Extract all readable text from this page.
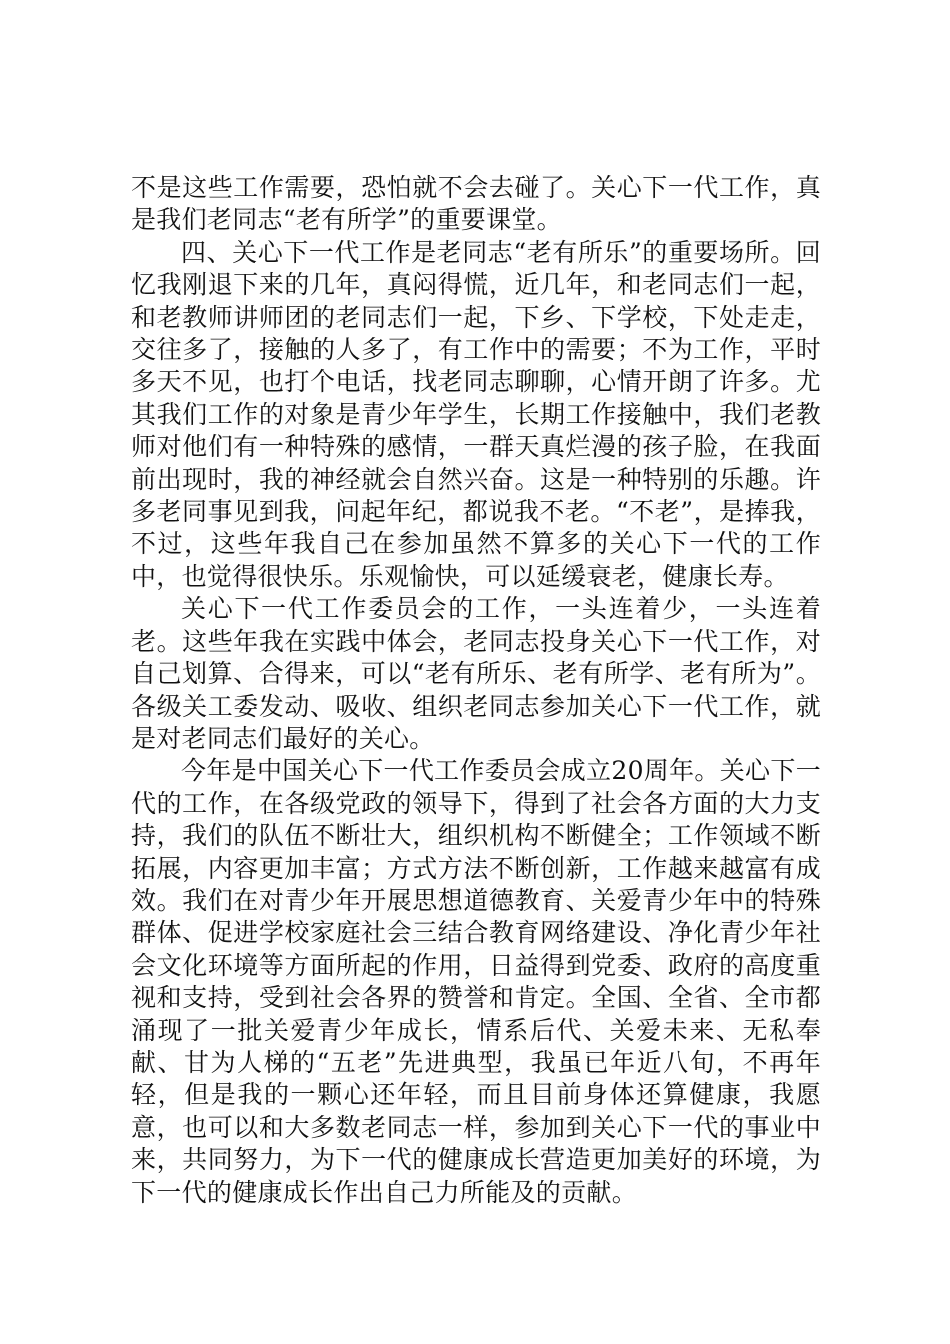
不是这些工作需要，恐怕就不会去碰了。关心下一代工作，真是我们老同志“老有所学”的重要课堂。

四、关心下一代工作是老同志“老有所乐”的重要场所。回忆我刚退下来的几年，真闷得慌，近几年，和老同志们一起，和老教师讲师团的老同志们一起，下乡、下学校，下处走走，交往多了，接触的人多了，有工作中的需要；不为工作，平时多天不见，也打个电话，找老同志聊聊，心情开朗了许多。尤其我们工作的对象是青少年学生，长期工作接触中，我们老教师对他们有一种特殊的感情，一群天真烂漫的孩子脸，在我面前出现时，我的神经就会自然兴奋。这是一种特别的乐趣。许多老同事见到我，问起年纪，都说我不老。“不老”，是捧我，不过，这些年我自己在参加虽然不算多的关心下一代的工作中，也觉得很快乐。乐观愉快，可以延缓衰老，健康长寿。

关心下一代工作委员会的工作，一头连着少，一头连着老。这些年我在实践中体会，老同志投身关心下一代工作，对自己划算、合得来，可以“老有所乐、老有所学、老有所为”。各级关工委发动、吸收、组织老同志参加关心下一代工作，就是对老同志们最好的关心。

今年是中国关心下一代工作委员会成立20周年。关心下一代的工作，在各级党政的领导下，得到了社会各方面的大力支持，我们的队伍不断壮大，组织机构不断健全；工作领域不断拓展，内容更加丰富；方式方法不断创新，工作越来越富有成效。我们在对青少年开展思想道德教育、关爱青少年中的特殊群体、促进学校家庭社会三结合教育网络建设、净化青少年社会文化环境等方面所起的作用，日益得到党委、政府的高度重视和支持，受到社会各界的赞誉和肯定。全国、全省、全市都涌现了一批关爱青少年成长，情系后代、关爱未来、无私奉献、甘为人梯的“五老”先进典型，我虽已年近八旬，不再年轻，但是我的一颗心还年轻，而且目前身体还算健康，我愿意，也可以和大多数老同志一样，参加到关心下一代的事业中来，共同努力，为下一代的健康成长营造更加美好的环境，为下一代的健康成长作出自己力所能及的贡献。
